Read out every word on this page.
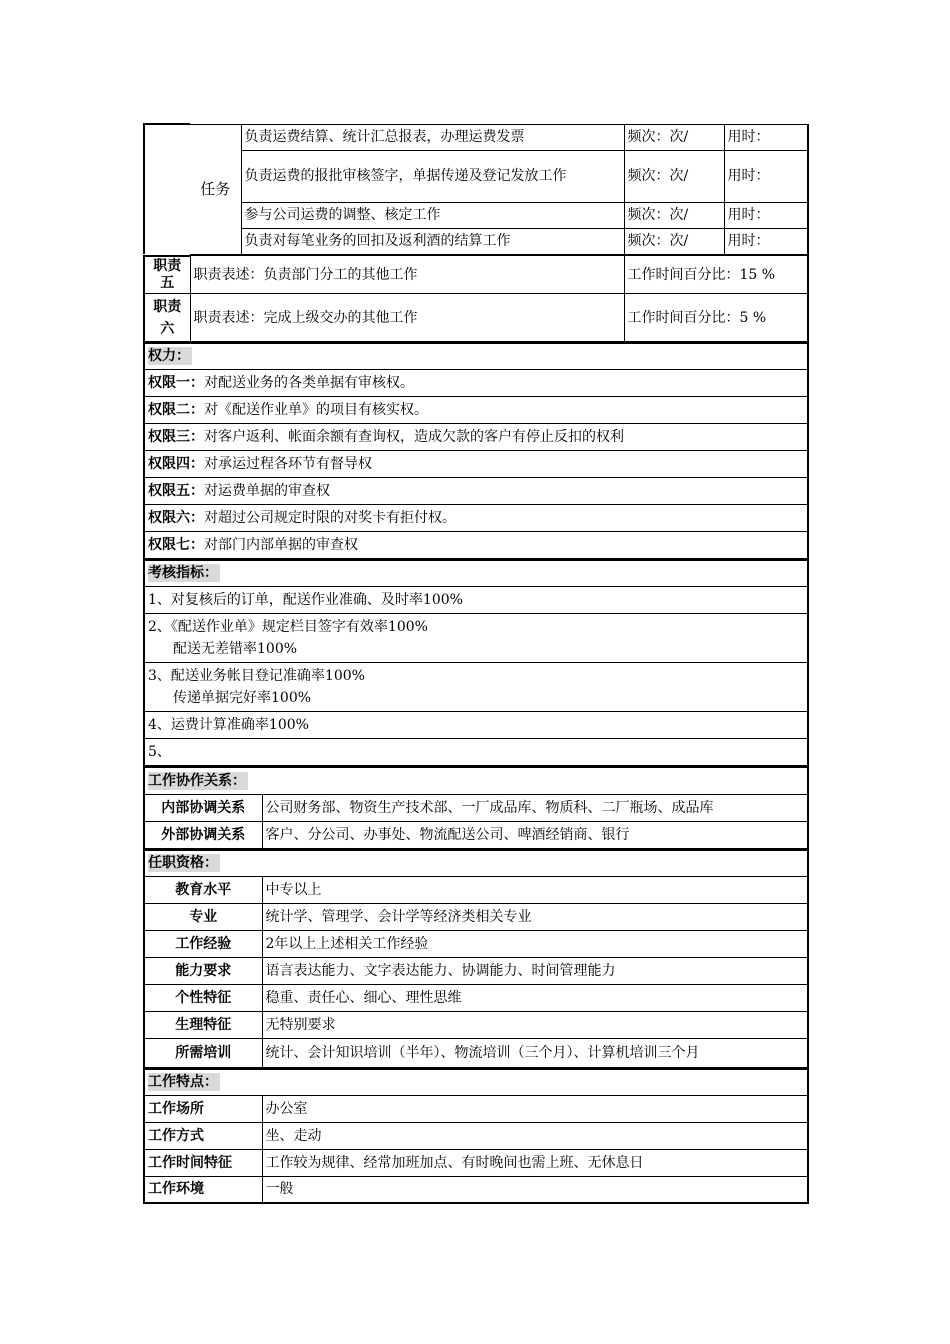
	任务	负责运费结算、统计汇总报表，办理运费发票	频次：次/	用时：
		负责运费的报批审核签字，单据传递及登记发放工作	频次：次/	用时：
		参与公司运费的调整、核定工作	频次：次/	用时：
		负责对每笔业务的回扣及返利酒的结算工作	频次：次/	用时：
职责
五	职责表述：负责部门分工的其他工作	工作时间百分比：15 %
职责
六	职责表述：完成上级交办的其他工作	工作时间百分比：5 %
权力：
权限一：对配送业务的各类单据有审核权。
权限二：对《配送作业单》的项目有核实权。
权限三：对客户返利、帐面余额有查询权，造成欠款的客户有停止反扣的权利
权限四：对承运过程各环节有督导权
权限五：对运费单据的审查权
权限六：对超过公司规定时限的对奖卡有拒付权。
权限七：对部门内部单据的审查权
考核指标：
1、对复核后的订单，配送作业准确、及时率100%
2、《配送作业单》规定栏目签字有效率100%
配送无差错率100%

3、配送业务帐目登记准确率100%
传递单据完好率100%

4、运费计算准确率100%
5、
工作协作关系：	
内部协调关系	公司财务部、物资生产技术部、一厂成品库、物质科、二厂瓶场、成品库
外部协调关系	客户、分公司、办事处、物流配送公司、啤酒经销商、银行
任职资格：	
教育水平	中专以上
专业	统计学、管理学、会计学等经济类相关专业
工作经验	2年以上上述相关工作经验
能力要求	语言表达能力、文字表达能力、协调能力、时间管理能力
个性特征	稳重、责任心、细心、理性思维
生理特征	无特别要求
所需培训	统计、会计知识培训（半年）、物流培训（三个月）、计算机培训三个月
工作特点：	
工作场所	办公室
工作方式	坐、走动
工作时间特征	工作较为规律、经常加班加点、有时晚间也需上班、无休息日
工作环境	一般
